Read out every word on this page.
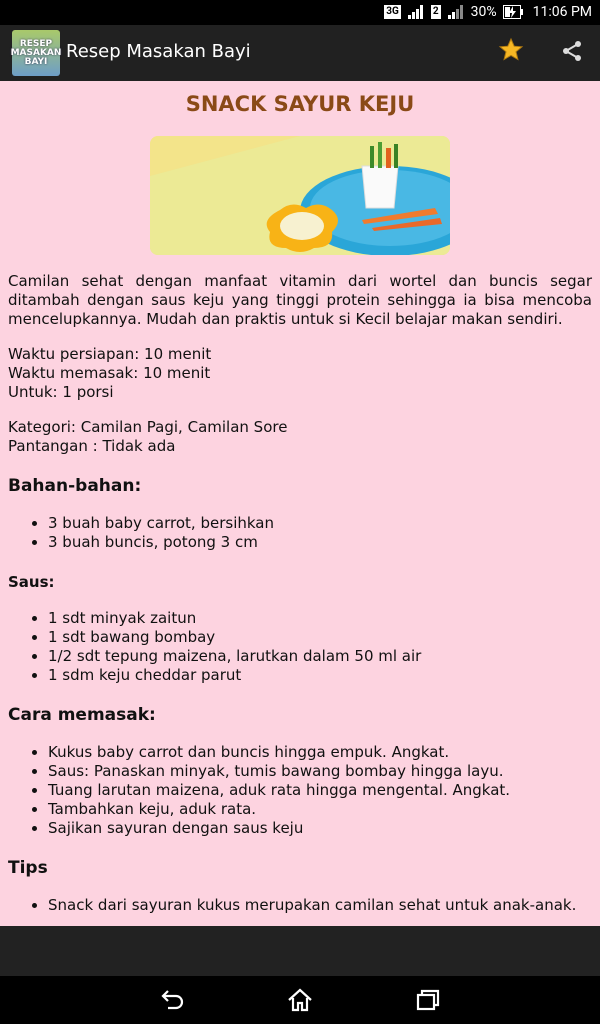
3G	2 30%	11:06 PM
RESEP MASAKAN BAYI	Resep Masakan Bayi
SNACK SAYUR KEJU
Camilan sehat dengan manfaat vitamin dari wortel dan buncis segar ditambah dengan saus keju yang tinggi protein sehingga ia bisa mencoba mencelupkannya. Mudah dan praktis untuk si Kecil belajar makan sendiri.
Waktu persiapan: 10 menit
Waktu memasak: 10 menit
Untuk: 1 porsi
Kategori: Camilan Pagi, Camilan Sore
Pantangan : Tidak ada
Bahan-bahan:
• 3 buah baby carrot, bersihkan
• 3 buah buncis, potong 3 cm
Saus:
• 1 sdt minyak zaitun
• 1 sdt bawang bombay
• 1/2 sdt tepung maizena, larutkan dalam 50 ml air
• 1 sdm keju cheddar parut
Cara memasak:
• Kukus baby carrot dan buncis hingga empuk. Angkat.
• Saus: Panaskan minyak, tumis bawang bombay hingga layu.
• Tuang larutan maizena, aduk rata hingga mengental. Angkat.
• Tambahkan keju, aduk rata.
• Sajikan sayuran dengan saus keju
Tips
• Snack dari sayuran kukus merupakan camilan sehat untuk anak-anak.
